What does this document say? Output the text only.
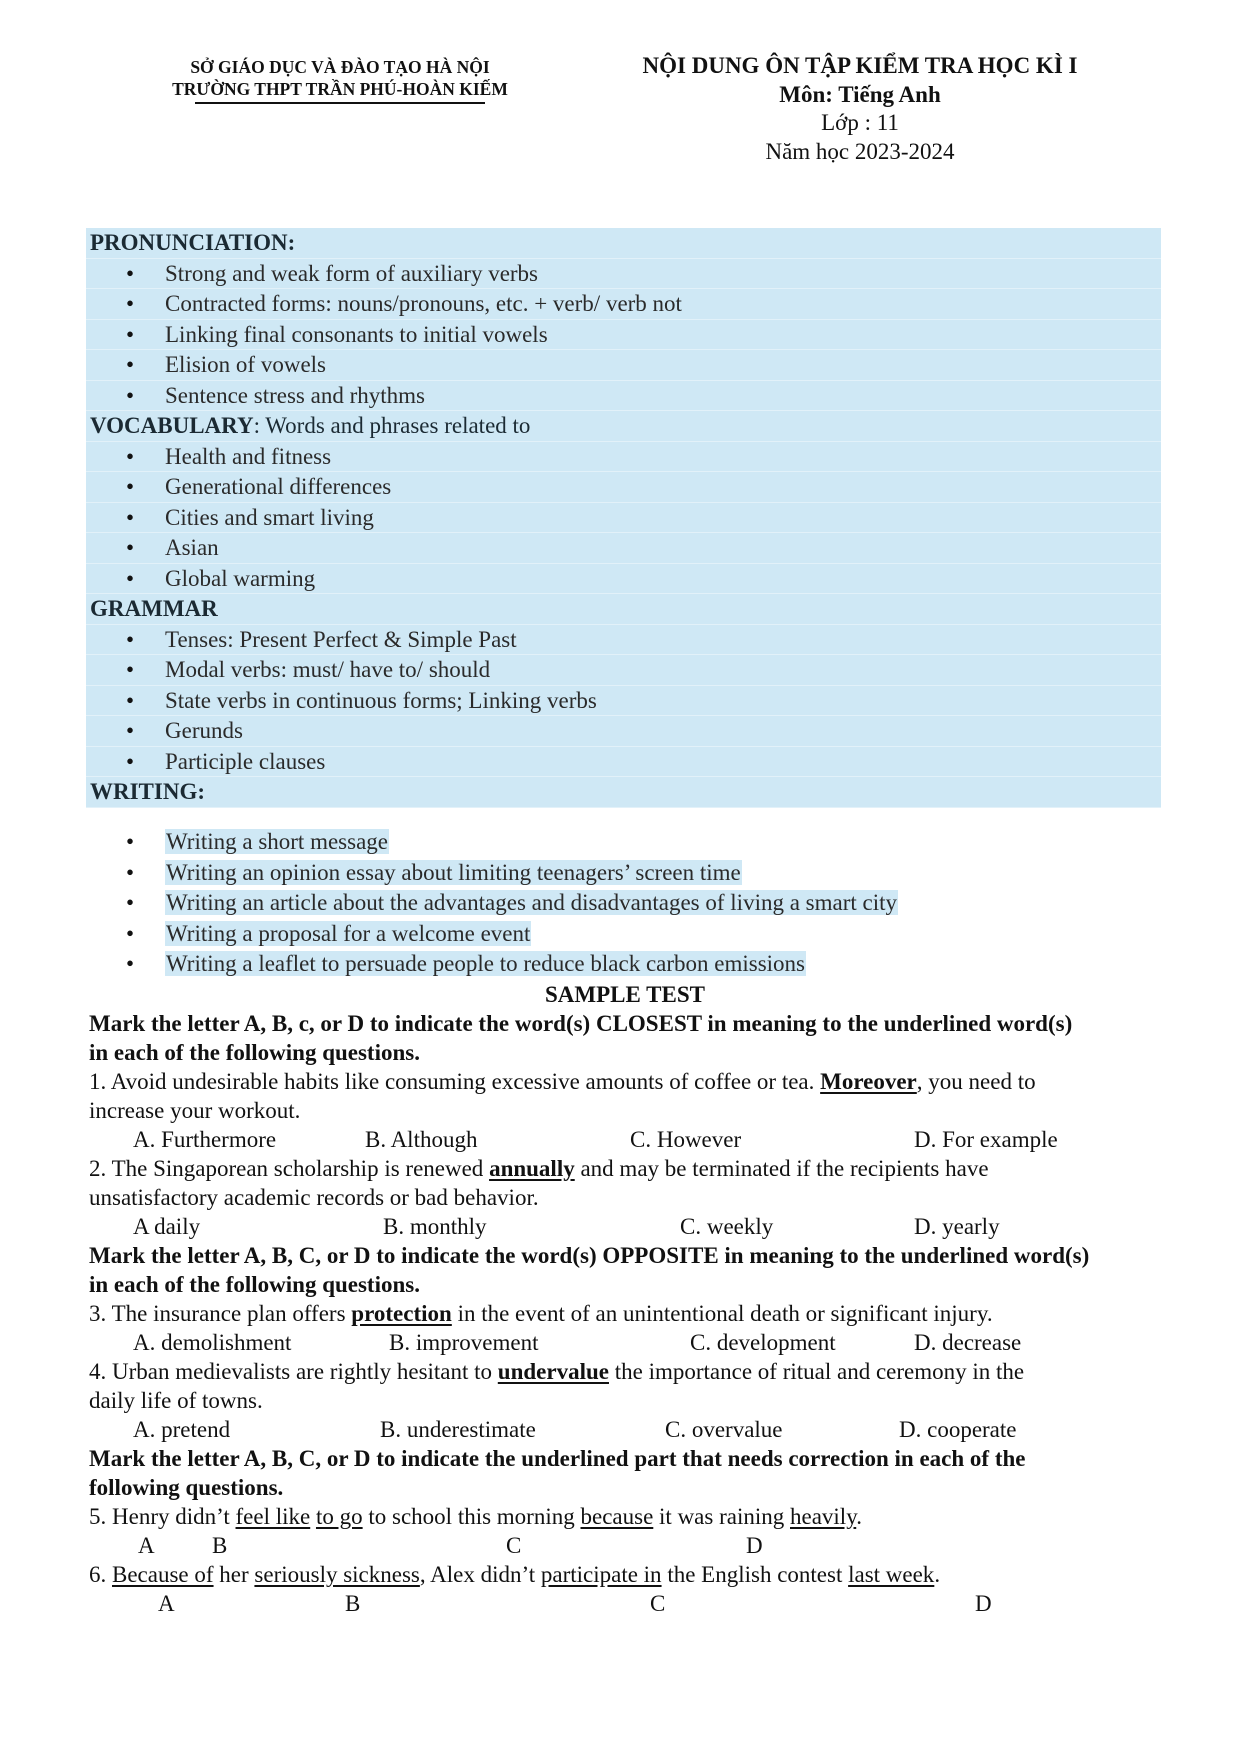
SỞ GIÁO DỤC VÀ ĐÀO TẠO HÀ NỘI
TRƯỜNG THPT TRẦN PHÚ-HOÀN KIẾM
NỘI DUNG ÔN TẬP KIỂM TRA HỌC KÌ I
Môn: Tiếng Anh
Lớp : 11
Năm học 2023-2024
PRONUNCIATION:
• Strong and weak form of auxiliary verbs
• Contracted forms: nouns/pronouns, etc. + verb/ verb not
• Linking final consonants to initial vowels
• Elision of vowels
• Sentence stress and rhythms
VOCABULARY: Words and phrases related to
• Health and fitness
• Generational differences
• Cities and smart living
• Asian
• Global warming
GRAMMAR
• Tenses: Present Perfect & Simple Past
• Modal verbs: must/ have to/ should
• State verbs in continuous forms; Linking verbs
• Gerunds
• Participle clauses
WRITING:
• Writing a short message
• Writing an opinion essay about limiting teenagers’ screen time
• Writing an article about the advantages and disadvantages of living a smart city
• Writing a proposal for a welcome event
• Writing a leaflet to persuade people to reduce black carbon emissions
SAMPLE TEST
Mark the letter A, B, c, or D to indicate the word(s) CLOSEST in meaning to the underlined word(s)
in each of the following questions.
1. Avoid undesirable habits like consuming excessive amounts of coffee or tea. Moreover, you need to
increase your workout.
A. Furthermore	B. Although	C. However	D. For example
2. The Singaporean scholarship is renewed annually and may be terminated if the recipients have
unsatisfactory academic records or bad behavior.
A daily	B. monthly	C. weekly	D. yearly
Mark the letter A, B, C, or D to indicate the word(s) OPPOSITE in meaning to the underlined word(s)
in each of the following questions.
3. The insurance plan offers protection in the event of an unintentional death or significant injury.
A. demolishment	B. improvement	C. development	D. decrease
4. Urban medievalists are rightly hesitant to undervalue the importance of ritual and ceremony in the
daily life of towns.
A. pretend	B. underestimate	C. overvalue	D. cooperate
Mark the letter A, B, C, or D to indicate the underlined part that needs correction in each of the
following questions.
5. Henry didn’t feel like to go to school this morning because it was raining heavily.
A B	C	D
6. Because of her seriously sickness, Alex didn’t participate in the English contest last week.
A	B	C	D
